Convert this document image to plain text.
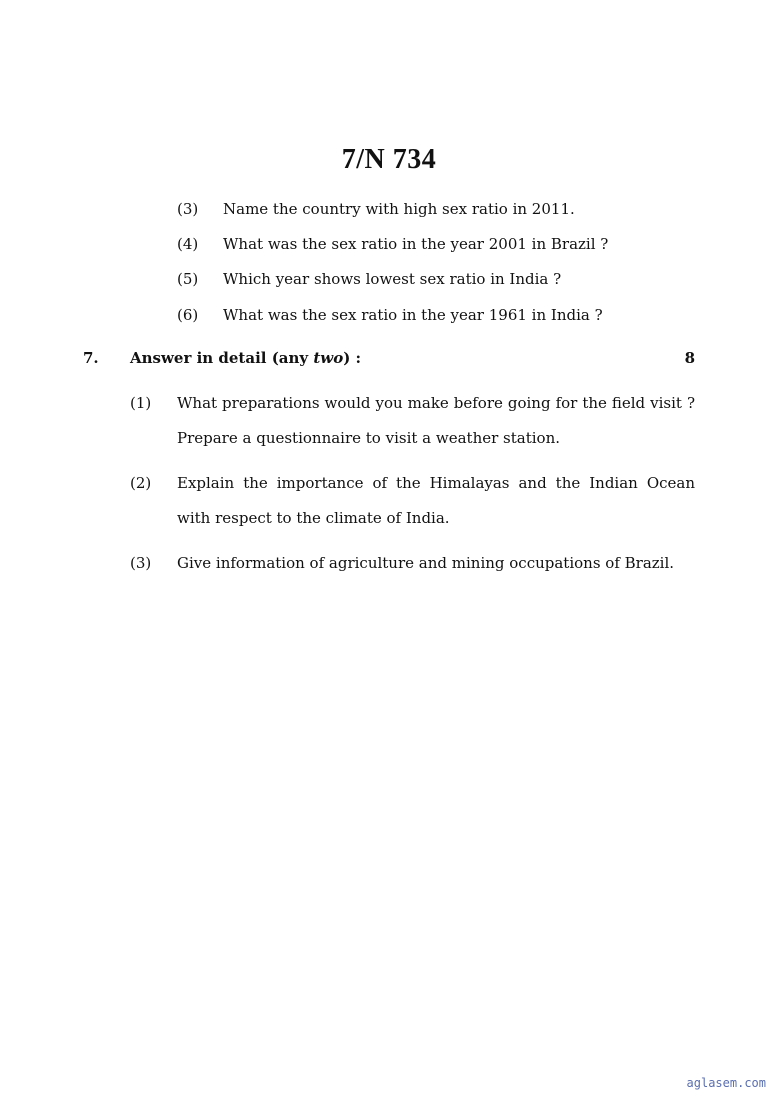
7/N 734
(3) Name the country with high sex ratio in 2011.
(4) What was the sex ratio in the year 2001 in Brazil ?
(5) Which year shows lowest sex ratio in India ?
(6) What was the sex ratio in the year 1961 in India ?
7. Answer in detail (any two) :	8
(1) What preparations would you make before going for the field visit ? Prepare a questionnaire to visit a weather station.
(2) Explain the importance of the Himalayas and the Indian Ocean with respect to the climate of India.
(3) Give information of agriculture and mining occupations of Brazil.
aglasem.com
